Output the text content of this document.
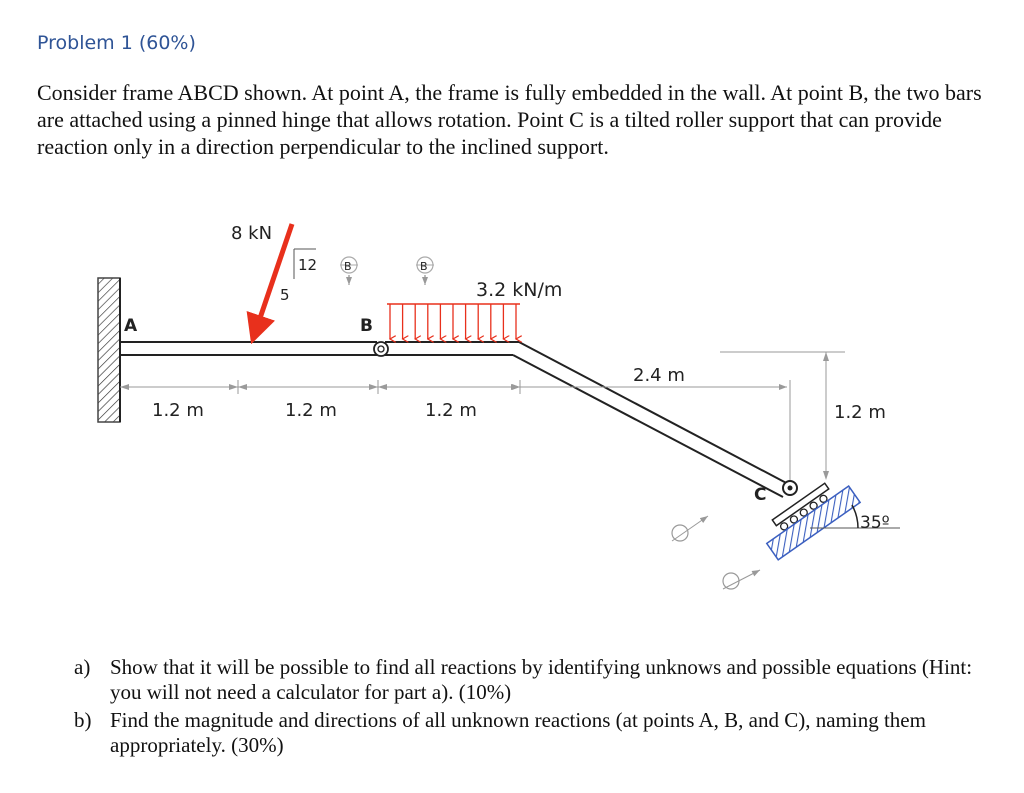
Problem 1 (60%)
Consider frame ABCD shown. At point A, the frame is fully embedded in the wall. At point B, the two bars are attached using a pinned hinge that allows rotation. Point C is a tilted roller support that can provide reaction only in a direction perpendicular to the inclined support.
A	B
C
8 kN
12
5	3.2 kN/m
B	B
1.2 m	1.2 m	1.2 m
2.4 m
1.2 m
35º
a) Show that it will be possible to find all reactions by identifying unknows and possible equations (Hint: you will not need a calculator for part a). (10%)
b) Find the magnitude and directions of all unknown reactions (at points A, B, and C), naming them appropriately. (30%)
